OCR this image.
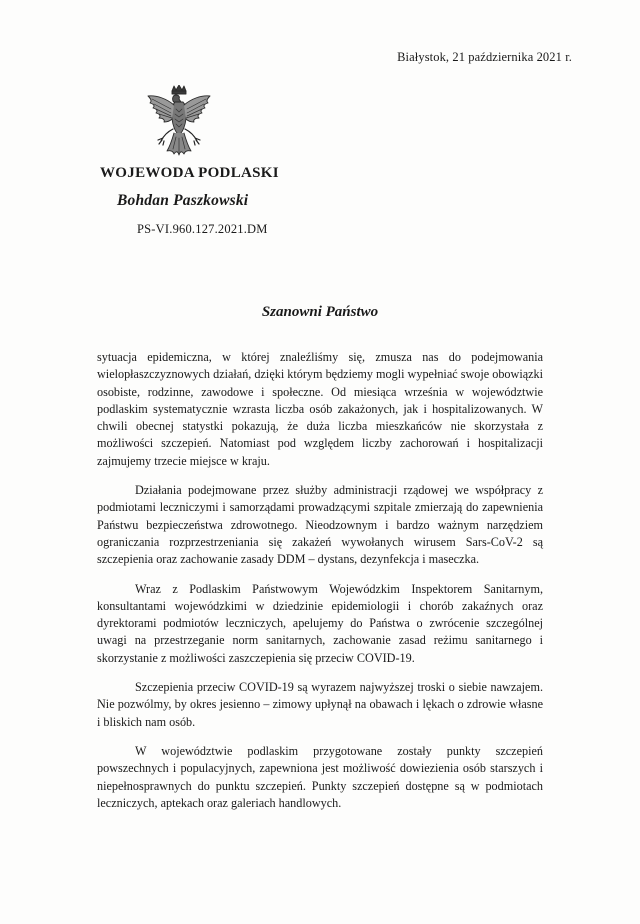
Białystok, 21 października 2021 r.
WOJEWODA PODLASKI
Bohdan Paszkowski
PS-VI.960.127.2021.DM
Szanowni Państwo

sytuacja epidemiczna, w której znaleźliśmy się, zmusza nas do podejmowania wielopłaszczyznowych działań, dzięki którym będziemy mogli wypełniać swoje obowiązki osobiste, rodzinne, zawodowe i społeczne. Od miesiąca września w województwie podlaskim systematycznie wzrasta liczba osób zakażonych, jak i hospitalizowanych. W chwili obecnej statystki pokazują, że duża liczba mieszkańców nie skorzystała z możliwości szczepień. Natomiast pod względem liczby zachorowań i hospitalizacji zajmujemy trzecie miejsce w kraju.

Działania podejmowane przez służby administracji rządowej we współpracy z podmiotami leczniczymi i samorządami prowadzącymi szpitale zmierzają do zapewnienia Państwu bezpieczeństwa zdrowotnego. Nieodzownym i bardzo ważnym narzędziem ograniczania rozprzestrzeniania się zakażeń wywołanych wirusem Sars-CoV-2 są szczepienia oraz zachowanie zasady DDM – dystans, dezynfekcja i maseczka.

Wraz z Podlaskim Państwowym Wojewódzkim Inspektorem Sanitarnym, konsultantami wojewódzkimi w dziedzinie epidemiologii i chorób zakaźnych oraz dyrektorami podmiotów leczniczych, apelujemy do Państwa o zwrócenie szczególnej uwagi na przestrzeganie norm sanitarnych, zachowanie zasad reżimu sanitarnego i skorzystanie z możliwości zaszczepienia się przeciw COVID-19.

Szczepienia przeciw COVID-19 są wyrazem najwyższej troski o siebie nawzajem. Nie pozwólmy, by okres jesienno – zimowy upłynął na obawach i lękach o zdrowie własne i bliskich nam osób.

W województwie podlaskim przygotowane zostały punkty szczepień powszechnych i populacyjnych, zapewniona jest możliwość dowiezienia osób starszych i niepełnosprawnych do punktu szczepień. Punkty szczepień dostępne są w podmiotach leczniczych, aptekach oraz galeriach handlowych.
